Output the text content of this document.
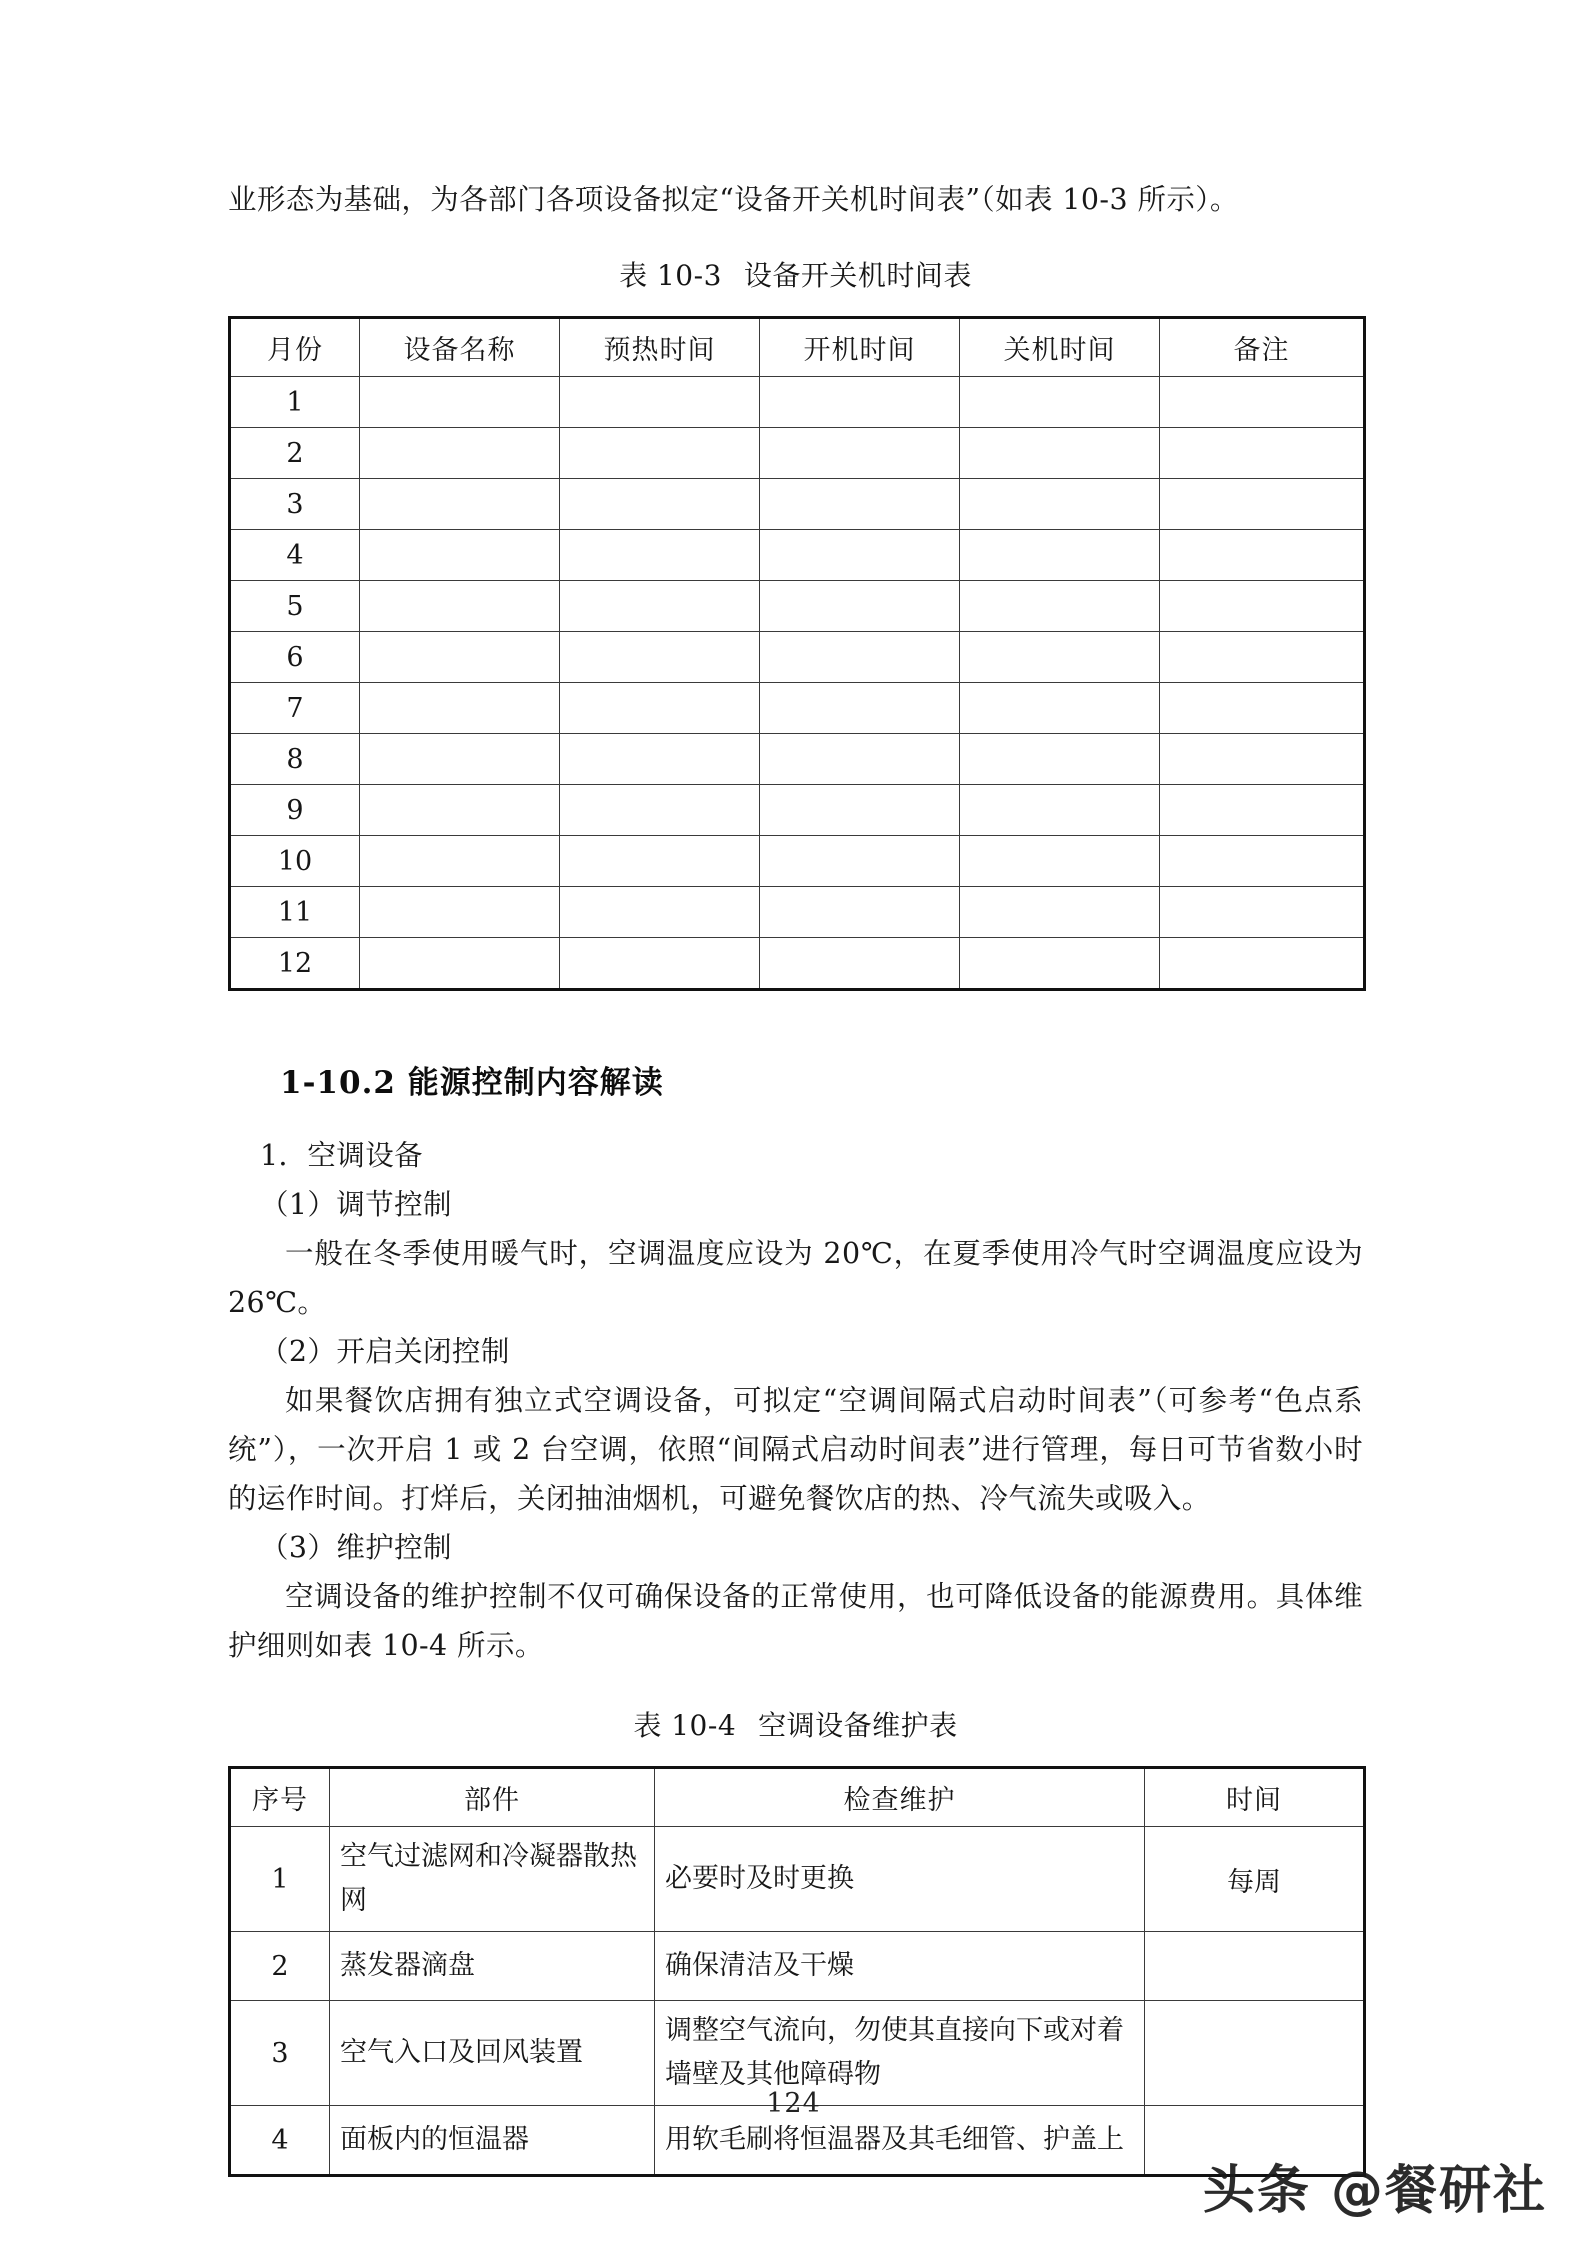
业形态为基础，为各部门各项设备拟定“设备开关机时间表”（如表 10-3 所示）。

表 10-3 设备开关机时间表

月份	设备名称	预热时间	开机时间	关机时间	备注
1					
2					
3					
4					
5					
6					
7					
8					
9					
10					
11					
12					
1-10.2 能源控制内容解读

1．空调设备

（1）调节控制

一般在冬季使用暖气时，空调温度应设为 20℃，在夏季使用冷气时空调温度应设为 26℃。

（2）开启关闭控制

如果餐饮店拥有独立式空调设备，可拟定“空调间隔式启动时间表”（可参考“色点系统”），一次开启 1 或 2 台空调，依照“间隔式启动时间表”进行管理，每日可节省数小时的运作时间。打烊后，关闭抽油烟机，可避免餐饮店的热、冷气流失或吸入。

（3）维护控制

空调设备的维护控制不仅可确保设备的正常使用，也可降低设备的能源费用。具体维护细则如表 10-4 所示。

表 10-4 空调设备维护表

序号	部件	检查维护	时间
1	空气过滤网和冷凝器散热网	必要时及时更换	每周
2	蒸发器滴盘	确保清洁及干燥	
3	空气入口及回风装置	调整空气流向，勿使其直接向下或对着墙壁及其他障碍物	
4	面板内的恒温器	用软毛刷将恒温器及其毛细管、护盖上	
124
头条 @餐研社
